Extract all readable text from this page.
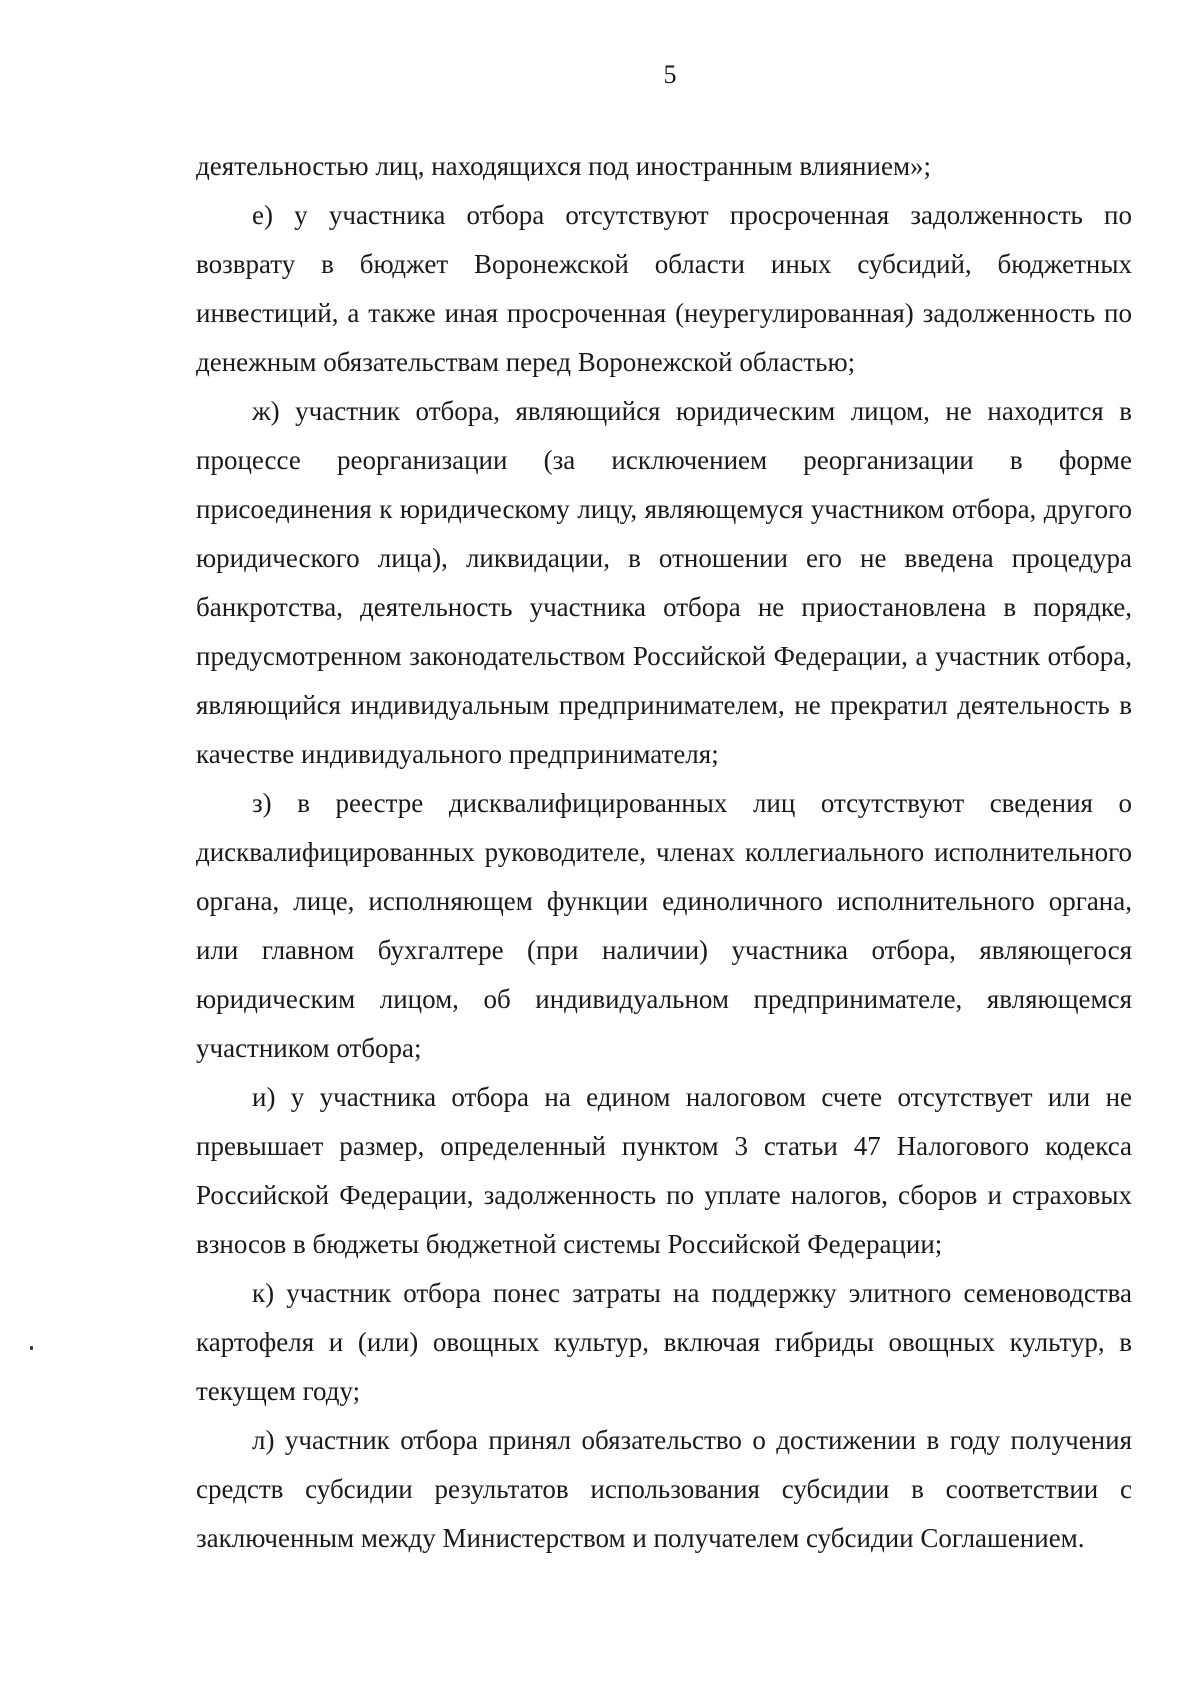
5

деятельностью лиц, находящихся под иностранным влиянием»;

е) у участника отбора отсутствуют просроченная задолженность по возврату в бюджет Воронежской области иных субсидий, бюджетных инвестиций, а также иная просроченная (неурегулированная) задолженность по денежным обязательствам перед Воронежской областью;

ж) участник отбора, являющийся юридическим лицом, не находится в процессе реорганизации (за исключением реорганизации в форме присоединения к юридическому лицу, являющемуся участником отбора, другого юридического лица), ликвидации, в отношении его не введена процедура банкротства, деятельность участника отбора не приостановлена в порядке, предусмотренном законодательством Российской Федерации, а участник отбора, являющийся индивидуальным предпринимателем, не прекратил деятельность в качестве индивидуального предпринимателя;

з) в реестре дисквалифицированных лиц отсутствуют сведения о дисквалифицированных руководителе, членах коллегиального исполнительного органа, лице, исполняющем функции единоличного исполнительного органа, или главном бухгалтере (при наличии) участника отбора, являющегося юридическим лицом, об индивидуальном предпринимателе, являющемся участником отбора;

и) у участника отбора на едином налоговом счете отсутствует или не превышает размер, определенный пунктом 3 статьи 47 Налогового кодекса Российской Федерации, задолженность по уплате налогов, сборов и страховых взносов в бюджеты бюджетной системы Российской Федерации;

к) участник отбора понес затраты на поддержку элитного семеноводства картофеля и (или) овощных культур, включая гибриды овощных культур, в текущем году;

л) участник отбора принял обязательство о достижении в году получения средств субсидии результатов использования субсидии в соответствии с заключенным между Министерством и получателем субсидии Соглашением.
